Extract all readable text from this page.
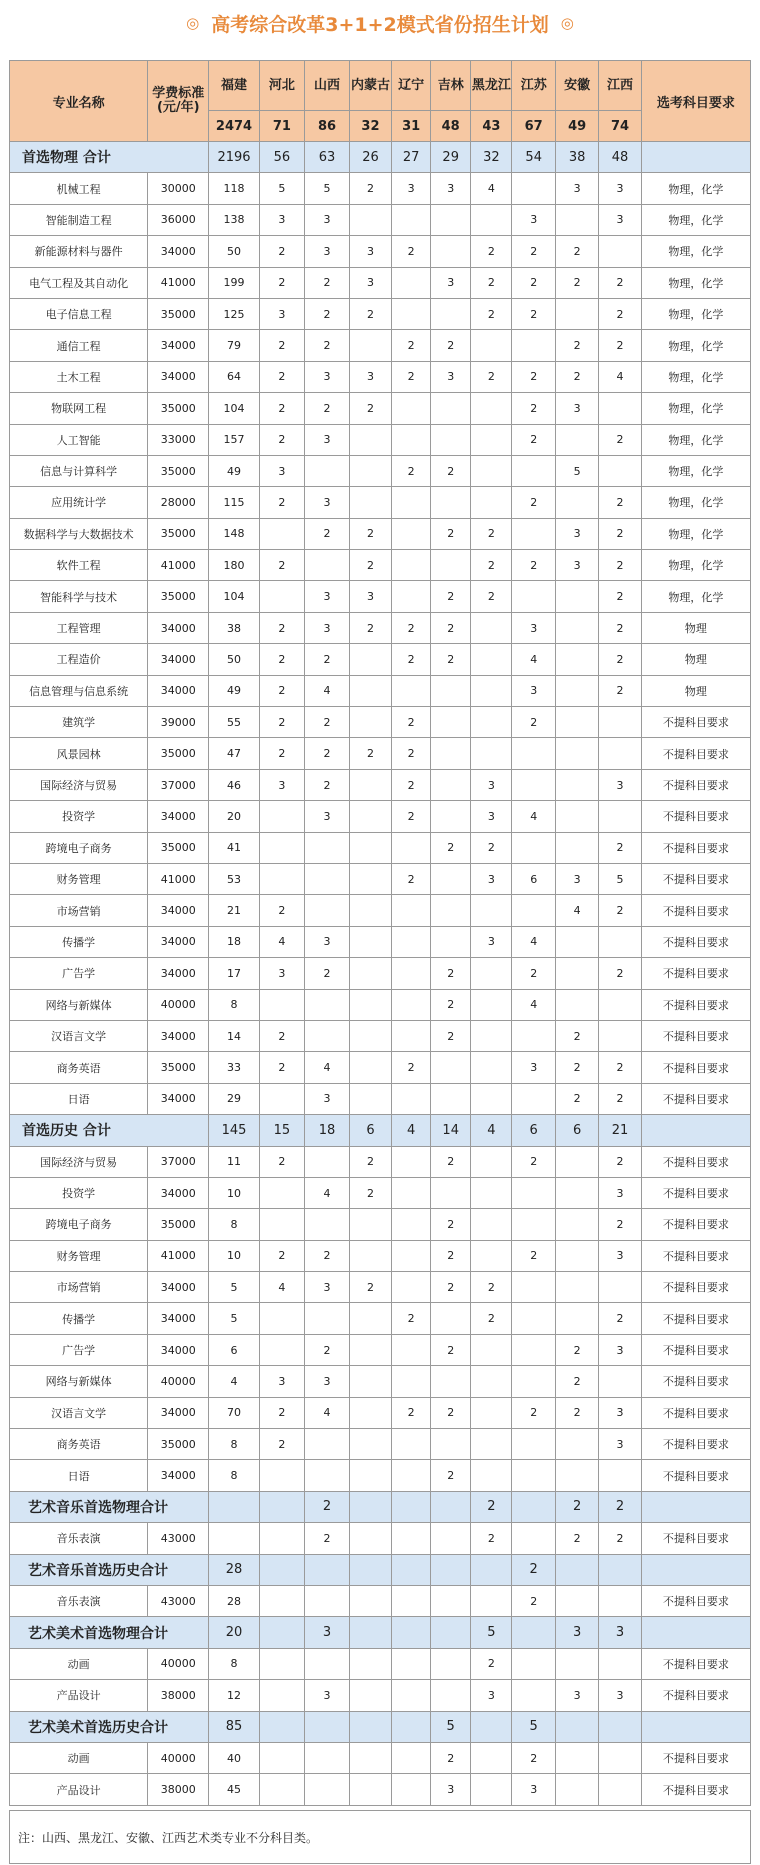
◎ 高考综合改革3+1+2模式省份招生计划 ◎
专业名称	学费标准(元/年)	福建	河北	山西	内蒙古	辽宁	吉林	黑龙江	江苏	安徽	江西	选考科目要求
		2474	71	86	32	31	48	43	67	49	74	
首选物理 合计		2196	56	63	26	27	29	32	54	38	48	
机械工程	30000	118	5	5	2	3	3	4		3	3	物理，化学
智能制造工程	36000	138	3	3					3		3	物理，化学
新能源材料与器件	34000	50	2	3	3	2		2	2	2		物理，化学
电气工程及其自动化	41000	199	2	2	3		3	2	2	2	2	物理，化学
电子信息工程	35000	125	3	2	2			2	2		2	物理，化学
通信工程	34000	79	2	2		2	2			2	2	物理，化学
土木工程	34000	64	2	3	3	2	3	2	2	2	4	物理，化学
物联网工程	35000	104	2	2	2				2	3		物理，化学
人工智能	33000	157	2	3					2		2	物理，化学
信息与计算科学	35000	49	3			2	2			5		物理，化学
应用统计学	28000	115	2	3					2		2	物理，化学
数据科学与大数据技术	35000	148		2	2		2	2		3	2	物理，化学
软件工程	41000	180	2		2			2	2	3	2	物理，化学
智能科学与技术	35000	104		3	3		2	2			2	物理，化学
工程管理	34000	38	2	3	2	2	2		3		2	物理
工程造价	34000	50	2	2		2	2		4		2	物理
信息管理与信息系统	34000	49	2	4					3		2	物理
建筑学	39000	55	2	2		2			2			不提科目要求
风景园林	35000	47	2	2	2	2						不提科目要求
国际经济与贸易	37000	46	3	2		2		3			3	不提科目要求
投资学	34000	20		3		2		3	4			不提科目要求
跨境电子商务	35000	41					2	2			2	不提科目要求
财务管理	41000	53				2		3	6	3	5	不提科目要求
市场营销	34000	21	2							4	2	不提科目要求
传播学	34000	18	4	3				3	4			不提科目要求
广告学	34000	17	3	2			2		2		2	不提科目要求
网络与新媒体	40000	8					2		4			不提科目要求
汉语言文学	34000	14	2				2			2		不提科目要求
商务英语	35000	33	2	4		2			3	2	2	不提科目要求
日语	34000	29		3						2	2	不提科目要求
首选历史 合计		145	15	18	6	4	14	4	6	6	21	
国际经济与贸易	37000	11	2		2		2		2		2	不提科目要求
投资学	34000	10		4	2						3	不提科目要求
跨境电子商务	35000	8					2				2	不提科目要求
财务管理	41000	10	2	2			2		2		3	不提科目要求
市场营销	34000	5	4	3	2		2	2				不提科目要求
传播学	34000	5				2		2			2	不提科目要求
广告学	34000	6		2			2			2	3	不提科目要求
网络与新媒体	40000	4	3	3						2		不提科目要求
汉语言文学	34000	70	2	4		2	2		2	2	3	不提科目要求
商务英语	35000	8	2								3	不提科目要求
日语	34000	8					2					不提科目要求
艺术音乐首选物理合计				2				2		2	2	
音乐表演	43000			2				2		2	2	不提科目要求
艺术音乐首选历史合计		28							2			
音乐表演	43000	28							2			不提科目要求
艺术美术首选物理合计		20		3				5		3	3	
动画	40000	8						2				不提科目要求
产品设计	38000	12		3				3		3	3	不提科目要求
艺术美术首选历史合计		85					5		5			
动画	40000	40					2		2			不提科目要求
产品设计	38000	45					3		3			不提科目要求
注：山西、黑龙江、安徽、江西艺术类专业不分科目类。
